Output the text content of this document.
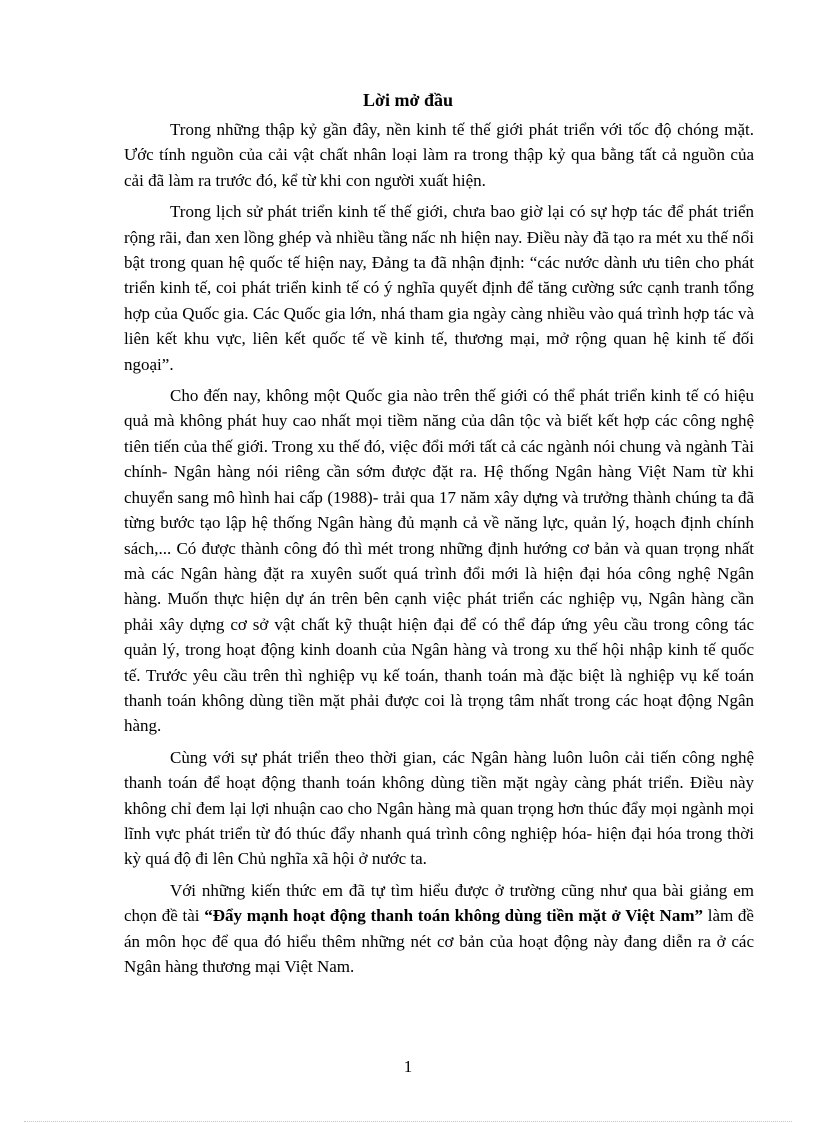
Lời mở đầu

Trong những thập kỷ gần đây, nền kinh tế thế giới phát triển với tốc độ chóng mặt. Ước tính nguồn của cải vật chất nhân loại làm ra trong thập kỷ qua bằng tất cả nguồn của cải đã làm ra trước đó, kể từ khi con người xuất hiện.

Trong lịch sử phát triển kinh tế thế giới, chưa bao giờ lại có sự hợp tác để phát triển rộng rãi, đan xen lồng ghép và nhiều tầng nấc nh hiện nay. Điều này đã tạo ra mét xu thế nổi bật trong quan hệ quốc tế hiện nay, Đảng ta đã nhận định: “các nước dành ưu tiên cho phát triển kinh tế, coi phát triển kinh tế có ý nghĩa quyết định để tăng cường sức cạnh tranh tổng hợp của Quốc gia. Các Quốc gia lớn, nhá tham gia ngày càng nhiều vào quá trình hợp tác và liên kết khu vực, liên kết quốc tế về kinh tế, thương mại, mở rộng quan hệ kinh tế đối ngoại”.

Cho đến nay, không một Quốc gia nào trên thế giới có thể phát triển kinh tế có hiệu quả mà không phát huy cao nhất mọi tiềm năng của dân tộc và biết kết hợp các công nghệ tiên tiến của thế giới. Trong xu thế đó, việc đổi mới tất cả các ngành nói chung và ngành Tài chính- Ngân hàng nói riêng cần sớm được đặt ra. Hệ thống Ngân hàng Việt Nam từ khi chuyển sang mô hình hai cấp (1988)- trải qua 17 năm xây dựng và trưởng thành chúng ta đã từng bước tạo lập hệ thống Ngân hàng đủ mạnh cả về năng lực, quản lý, hoạch định chính sách,... Có được thành công đó thì mét trong những định hướng cơ bản và quan trọng nhất mà các Ngân hàng đặt ra xuyên suốt quá trình đổi mới là hiện đại hóa công nghệ Ngân hàng. Muốn thực hiện dự án trên bên cạnh việc phát triển các nghiệp vụ, Ngân hàng cần phải xây dựng cơ sở vật chất kỹ thuật hiện đại để có thể đáp ứng yêu cầu trong công tác quản lý, trong hoạt động kinh doanh của Ngân hàng và trong xu thế hội nhập kinh tế quốc tế. Trước yêu cầu trên thì nghiệp vụ kế toán, thanh toán mà đặc biệt là nghiệp vụ kế toán thanh toán không dùng tiền mặt phải được coi là trọng tâm nhất trong các hoạt động Ngân hàng.

Cùng với sự phát triển theo thời gian, các Ngân hàng luôn luôn cải tiến công nghệ thanh toán để hoạt động thanh toán không dùng tiền mặt ngày càng phát triển. Điều này không chỉ đem lại lợi nhuận cao cho Ngân hàng mà quan trọng hơn thúc đẩy mọi ngành mọi lĩnh vực phát triển từ đó thúc đẩy nhanh quá trình công nghiệp hóa- hiện đại hóa trong thời kỳ quá độ đi lên Chủ nghĩa xã hội ở nước ta.

Với những kiến thức em đã tự tìm hiểu được ở trường cũng như qua bài giảng em chọn đề tài “Đẩy mạnh hoạt động thanh toán không dùng tiền mặt ở Việt Nam” làm đề án môn học để qua đó hiểu thêm những nét cơ bản của hoạt động này đang diễn ra ở các Ngân hàng thương mại Việt Nam.

1
